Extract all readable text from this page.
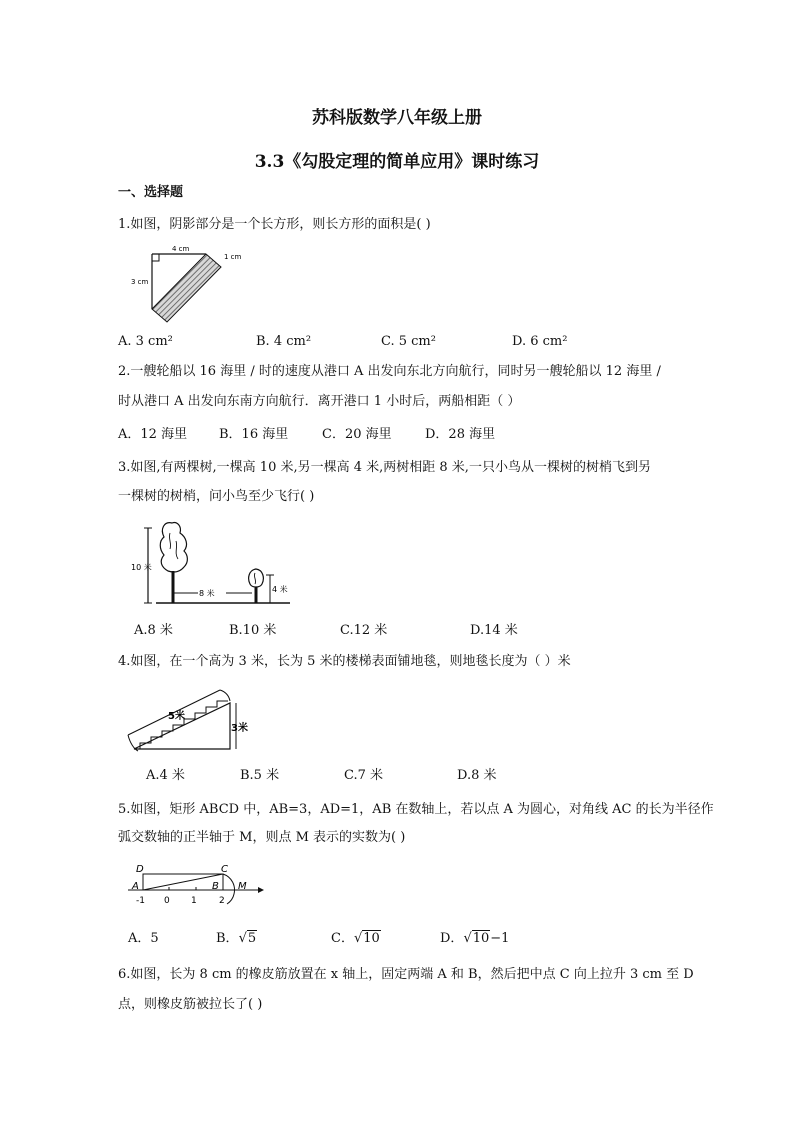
苏科版数学八年级上册
3.3《勾股定理的简单应用》课时练习
一、选择题
1.如图，阴影部分是一个长方形，则长方形的面积是( )
4 cm
3 cm
1 cm
A. 3 cm²	B. 4 cm²	C. 5 cm²	D. 6 cm²
2.一艘轮船以 16 海里 / 时的速度从港口 A 出发向东北方向航行，同时另一艘轮船以 12 海里 /
时从港口 A 出发向东南方向航行．离开港口 1 小时后，两船相距（ ）
A．12 海里 B．16 海里	C．20 海里	D．28 海里
3.如图,有两棵树,一棵高 10 米,另一棵高 4 米,两树相距 8 米,一只小鸟从一棵树的树梢飞到另
一棵树的树梢，问小鸟至少飞行( )
10 米
8 米	4 米
A.8 米	B.10 米	C.12 米	D.14 米
4.如图，在一个高为 3 米，长为 5 米的楼梯表面铺地毯，则地毯长度为（ ）米
5米
3米
A.4 米	B.5 米	C.7 米	D.8 米
5.如图，矩形 ABCD 中，AB=3，AD=1，AB 在数轴上，若以点 A 为圆心，对角线 AC 的长为半径作
弧交数轴的正半轴于 M，则点 M 表示的实数为( )
D	C
A	B M
-1 0 1 2
A．5	B．√5	C．√10	D．√10−1
6.如图，长为 8 cm 的橡皮筋放置在 x 轴上，固定两端 A 和 B，然后把中点 C 向上拉升 3 cm 至 D
点，则橡皮筋被拉长了( )
